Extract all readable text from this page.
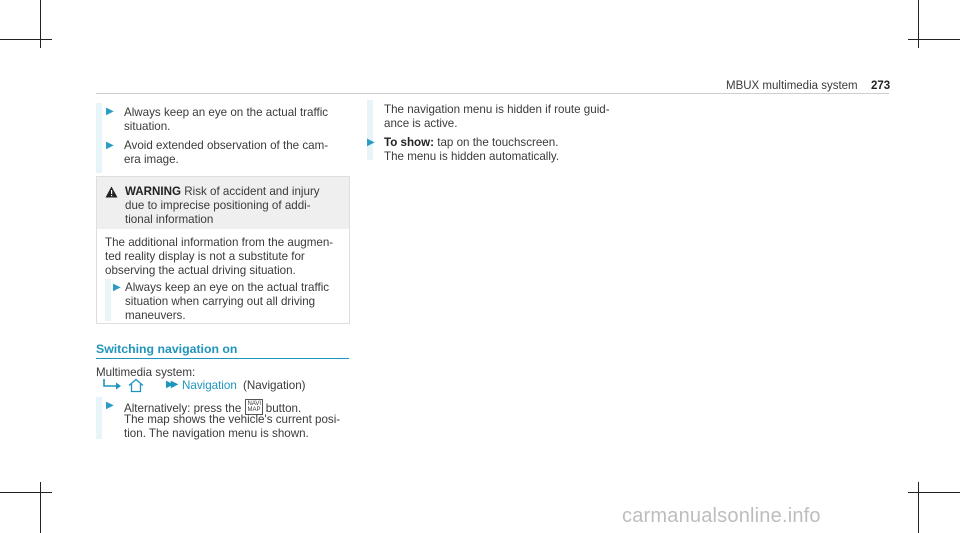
MBUX multimedia system 273
▶ Always keep an eye on the actual traffic
situation.
▶ Avoid extended observation of the cam-
era image.
WARNING Risk of accident and injury
due to imprecise positioning of addi-
tional information
The additional information from the augmen-
ted reality display is not a substitute for
observing the actual driving situation.
▶ Always keep an eye on the actual traffic
situation when carrying out all driving
maneuvers.
Switching navigation on
Multimedia system:
▶▶ Navigation (Navigation)
▶ Alternatively: press the NAVI MAP button.
The map shows the vehicle's current posi-
tion. The navigation menu is shown.
The navigation menu is hidden if route guid-
ance is active.
▶ To show: tap on the touchscreen.
The menu is hidden automatically.
carmanualsonline.info
